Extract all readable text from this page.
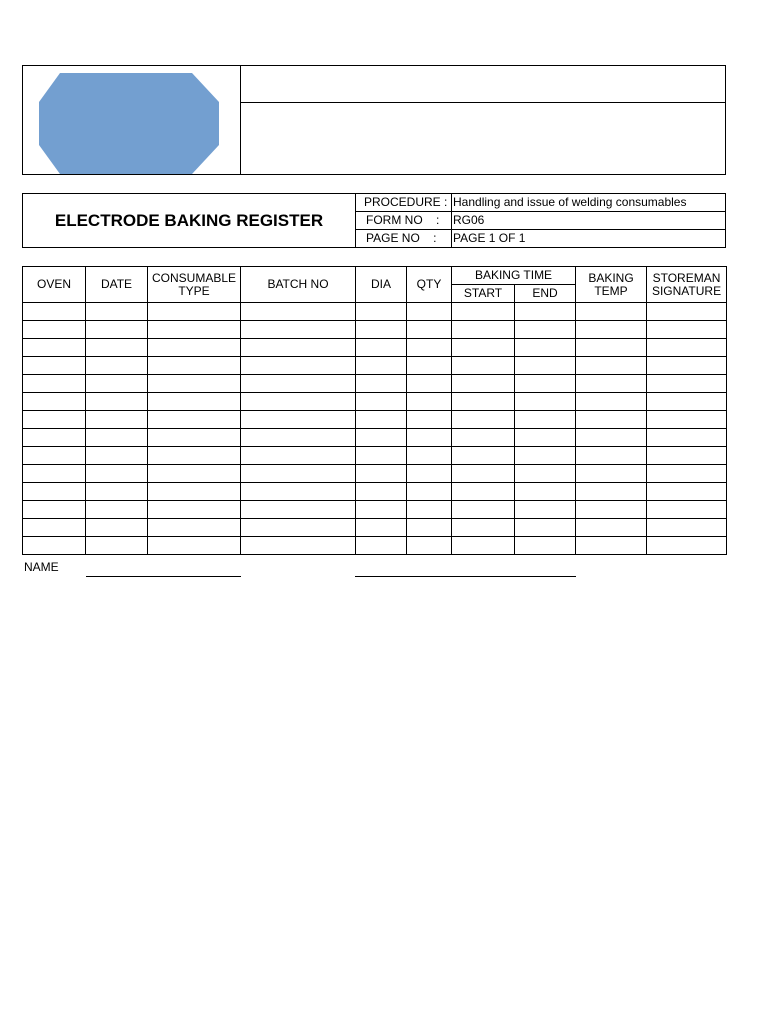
ELECTRODE BAKING REGISTER
PROCEDURE : Handling and issue of welding consumables
FORM NO    : RG06
PAGE NO    : PAGE 1 OF 1
OVEN	DATE	CONSUMABLE TYPE	BATCH NO	DIA	QTY	BAKING TIME		BAKING TEMP	STOREMAN SIGNATURE
						START	END		

NAME
